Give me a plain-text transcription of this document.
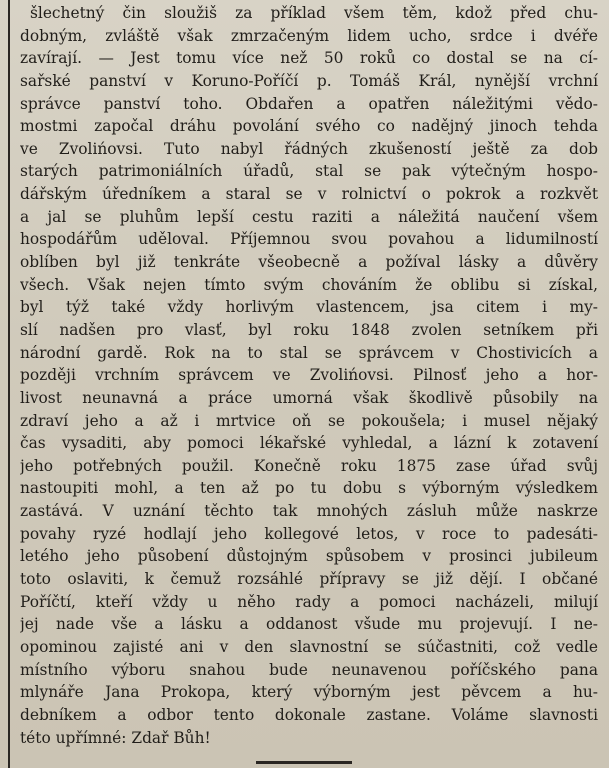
šlechetný čin sloužiš za příklad všem těm, kdož před chu-
dobným, zvláště však zmrzačeným lidem ucho, srdce i dvéře
zavírají. — Jest tomu více než 50 roků co dostal se na cí-
sařské panství v Koruno-Poříčí p. Tomáš Král, nynější vrchní
správce panství toho. Obdařen a opatřen náležitými vědo-
mostmi započal dráhu povolání svého co nadějný jinoch tehda
ve Zvolińovsi. Tuto nabyl řádných zkušeností ještě za dob
starých patrimoniálních úřadů, stal se pak výtečným hospo-
dářským úředníkem a staral se v rolnictví o pokrok a rozkvět
a jal se pluhům lepší cestu raziti a náležitá naučení všem
hospodářům uděloval. Příjemnou svou povahou a lidumilností
oblíben byl již tenkráte všeobecně a požíval lásky a důvěry
všech. Však nejen tímto svým chováním že oblibu si získal,
byl týž také vždy horlivým vlastencem, jsa citem i my-
slí nadšen pro vlasť, byl roku 1848 zvolen setníkem při
národní gardě. Rok na to stal se správcem v Chostivicích a
později vrchním správcem ve Zvolińovsi. Pilnosť jeho a hor-
livost neunavná a práce umorná však škodlivě působily na
zdraví jeho a až i mrtvice oň se pokoušela; i musel nějaký
čas vysaditi, aby pomoci lékařské vyhledal, a lázní k zotavení
jeho potřebných použil. Konečně roku 1875 zase úřad svůj
nastoupiti mohl, a ten až po tu dobu s výborným výsledkem
zastává. V uznání těchto tak mnohých zásluh může naskrze
povahy ryzé hodlají jeho kollegové letos, v roce to padesáti-
letého jeho působení důstojným spůsobem v prosinci jubileum
toto oslaviti, k čemuž rozsáhlé přípravy se již dějí. I občané
Poříčtí, kteří vždy u něho rady a pomoci nacházeli, milují
jej nade vše a lásku a oddanost všude mu projevují. I ne-
opominou zajisté ani v den slavnostní se súčastniti, což vedle
místního výboru snahou bude neunavenou poříčského pana
mlynáře Jana Prokopa, který výborným jest pěvcem a hu-
debníkem a odbor tento dokonale zastane. Voláme slavnosti
této upřímné: Zdař Bůh!
